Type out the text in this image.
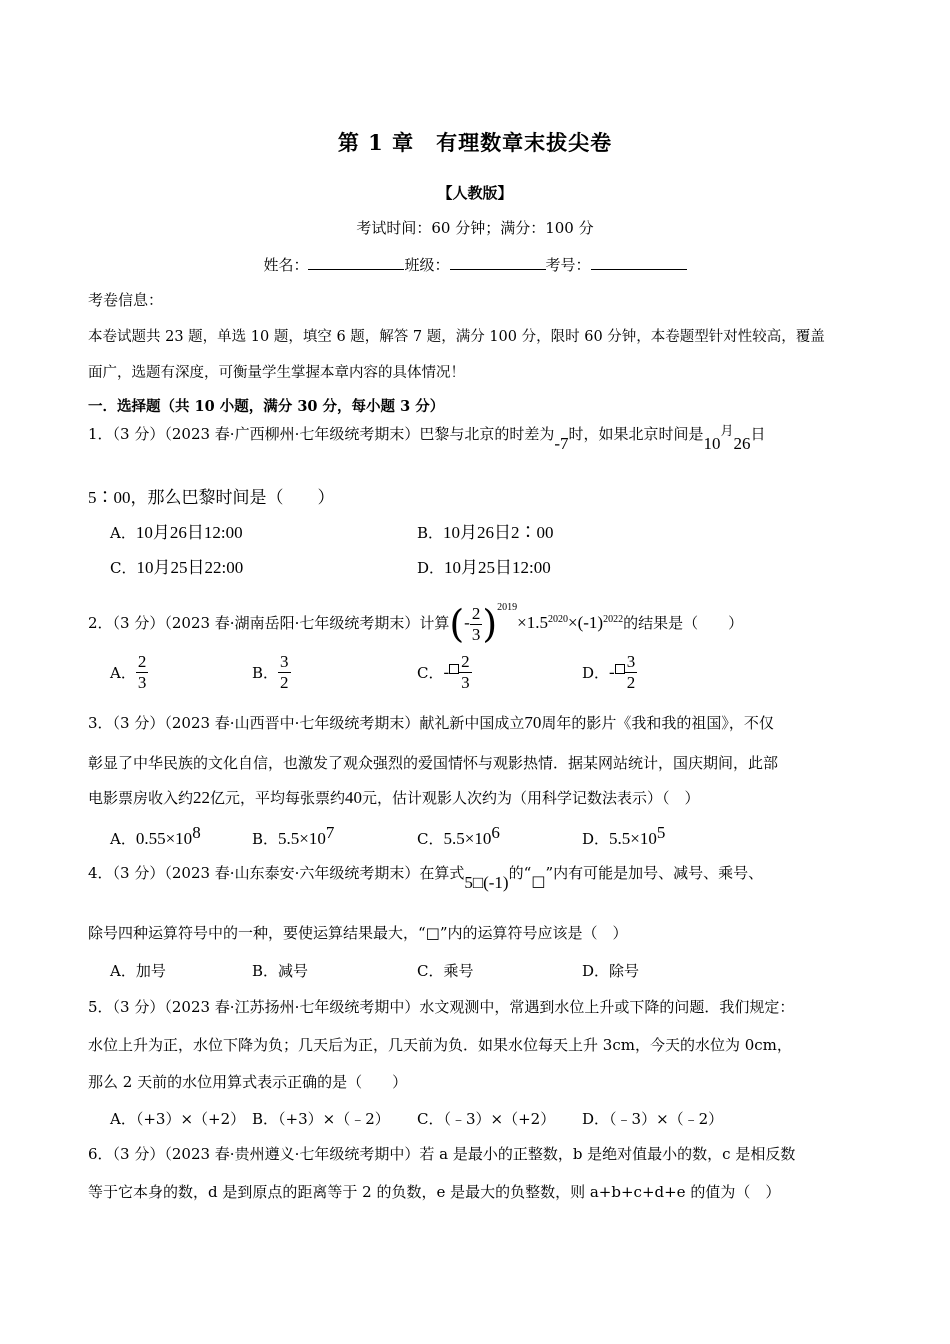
第 1 章　有理数章末拔尖卷
【人教版】
考试时间：60 分钟；满分：100 分
姓名：	班级：	考号：
考卷信息：
本卷试题共 23 题，单选 10 题，填空 6 题，解答 7 题，满分 100 分，限时 60 分钟，本卷题型针对性较高，覆盖
面广，选题有深度，可衡量学生掌握本章内容的具体情况！
一．选择题（共 10 小题，满分 30 分，每小题 3 分）
1．（3 分）（2023 春·广西柳州·七年级统考期末）巴黎与北京的时差为-7时，如果北京时间是10月26日
5∶00，那么巴黎时间是（　　）
A．10月26日12:00	B．10月26日2∶00
C．10月25日22:00	D．10月25日12:00
2．（3 分）（2023 春·湖南岳阳·七年级统考期末）计算(- $\frac{2}{3} )^{2019}\times 1.5^{2020}\times(-1)^{2022}$的结果是（　　）
A． $\frac{2}{3}$	B． $\frac{3}{2}$	C．- $\frac{2}{3}$	D．- $\frac{3}{2}$
3．（3 分）（2023 春·山西晋中·七年级统考期末）献礼新中国成立70周年的影片《我和我的祖国》，不仅
彰显了中华民族的文化自信，也激发了观众强烈的爱国情怀与观影热情．据某网站统计，国庆期间，此部
电影票房收入约22亿元，平均每张票约40元，估计观影人次约为（用科学记数法表示）（　）
A．$0.55\times 10^8$	B．$5.5\times 10^7$	C．$5.5\times 10^6$	D．$5.5\times 10^5$
4．（3 分）（2023 春·山东泰安·六年级统考期末）在算式5□(-1)的“□”内有可能是加号、减号、乘号、
除号四种运算符号中的一种，要使运算结果最大，“□”内的运算符号应该是（　）
A．加号	B．减号	C．乘号	D．除号
5．（3 分）（2023 春·江苏扬州·七年级统考期中）水文观测中，常遇到水位上升或下降的问题．我们规定：
水位上升为正，水位下降为负；几天后为正，几天前为负．如果水位每天上升 3cm，今天的水位为 0cm，
那么 2 天前的水位用算式表示正确的是（　　）
A．（+3）×（+2） B．（+3）×（﹣2） C．（﹣3）×（+2） D．（﹣3）×（﹣2）
6．（3 分）（2023 春·贵州遵义·七年级统考期中）若 a 是最小的正整数，b 是绝对值最小的数，c 是相反数
等于它本身的数，d 是到原点的距离等于 2 的负数，e 是最大的负整数，则 a+b+c+d+e 的值为（　）
